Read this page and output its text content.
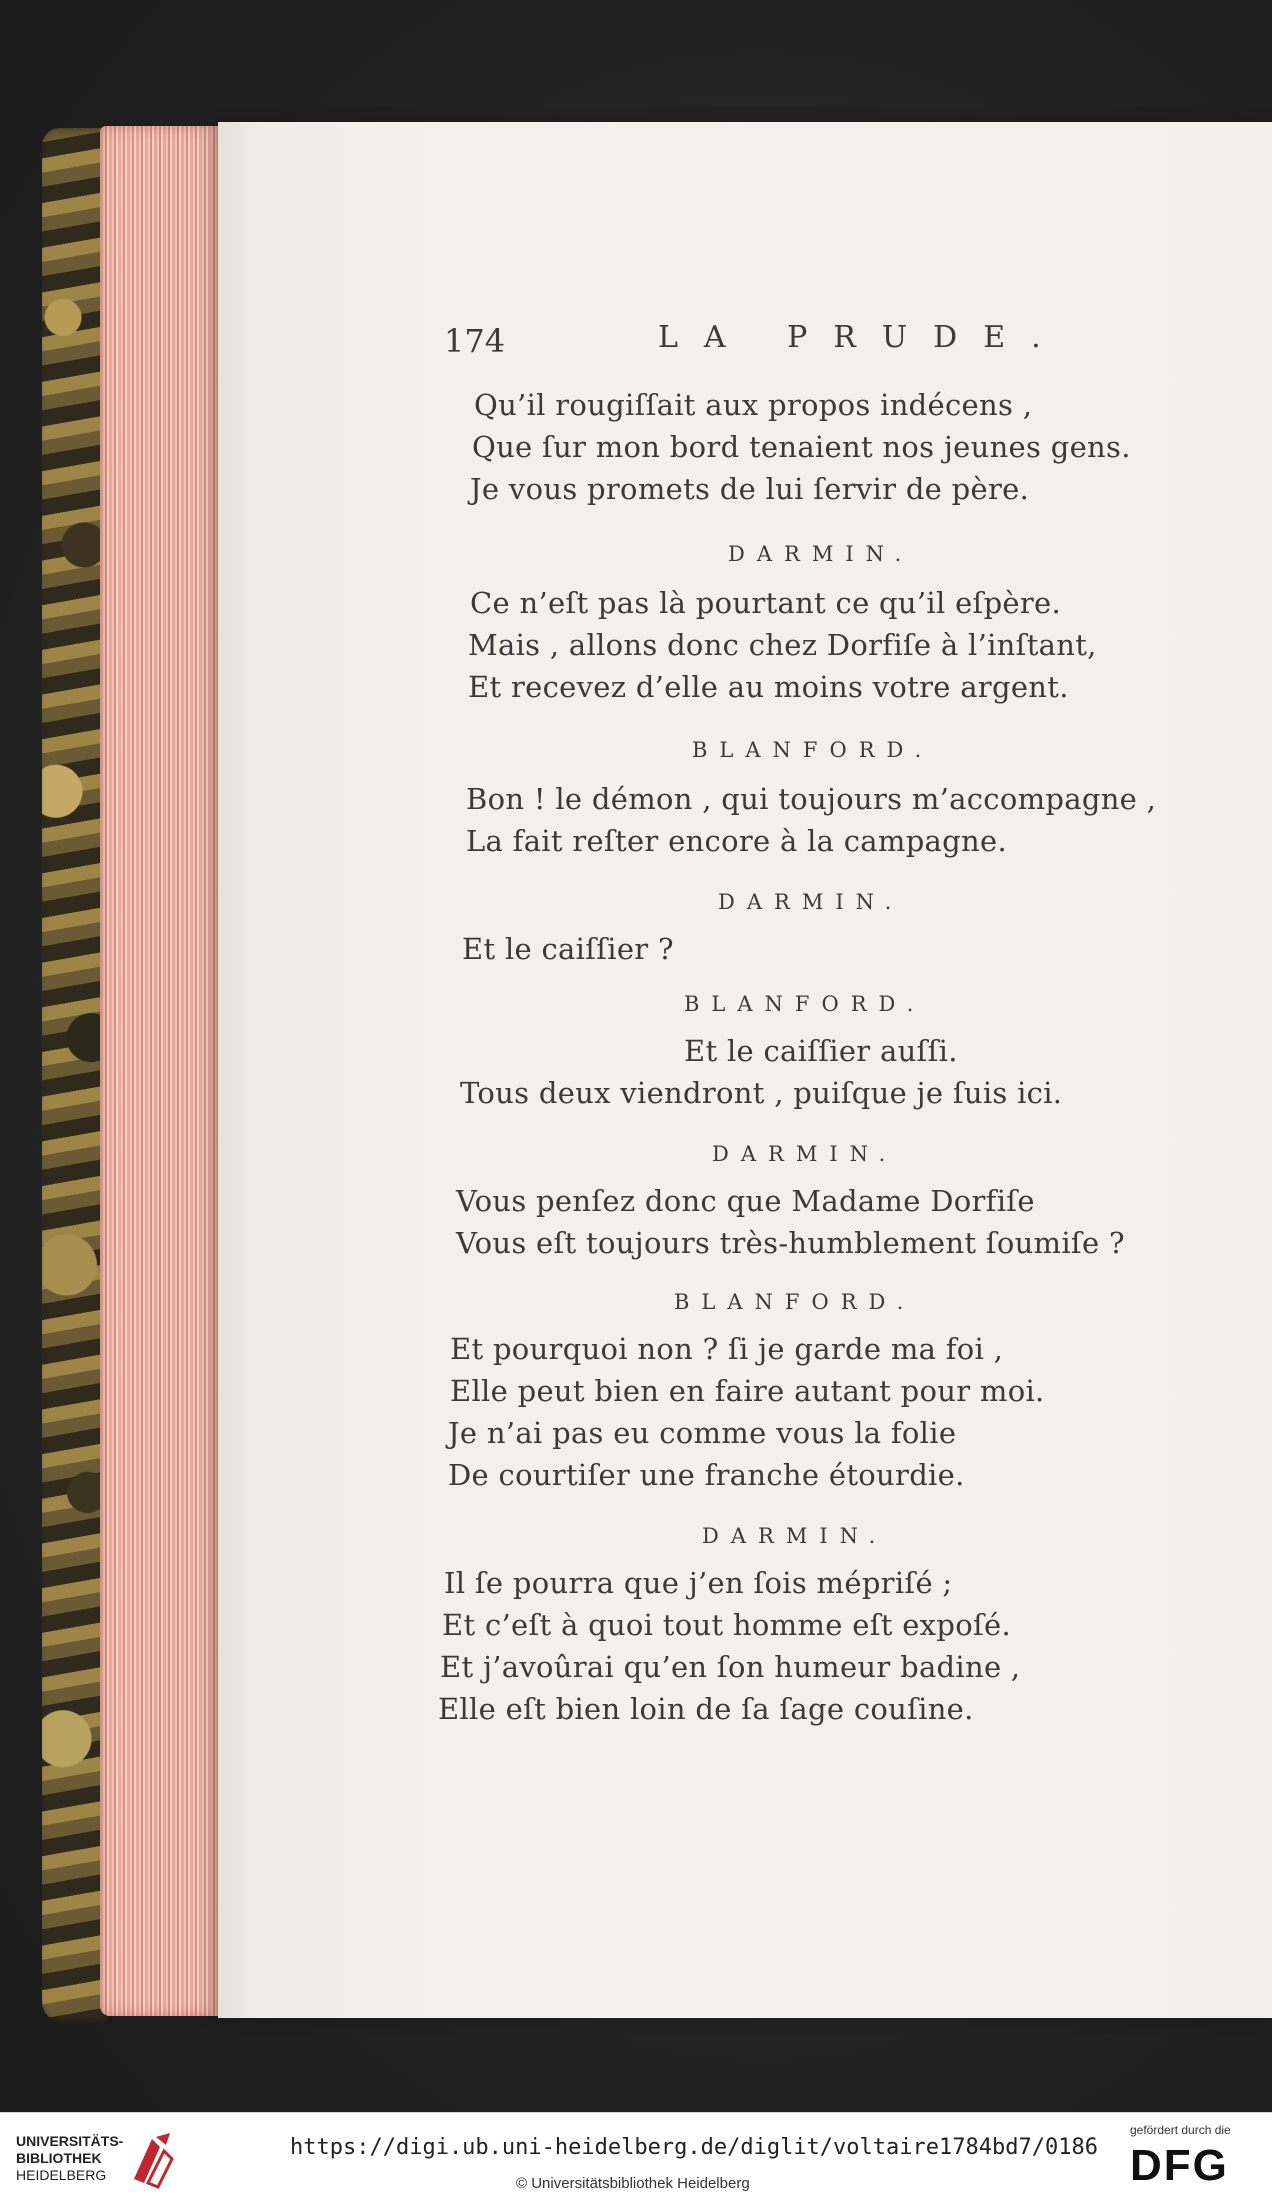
174	LA PRUDE.
Qu’il rougiſſait aux propos indécens ,
Que ſur mon bord tenaient nos jeunes gens.
Je vous promets de lui ſervir de père.
DARMIN.
Ce n’eſt pas là pourtant ce qu’il eſpère.
Mais , allons donc chez Dorfiſe à l’inſtant,
Et recevez d’elle au moins votre argent.
BLANFORD.
Bon ! le démon , qui toujours m’accompagne ,
La fait reſter encore à la campagne.
DARMIN.
Et le caiſſier ?
BLANFORD.
Et le caiſſier auſſi.
Tous deux viendront , puiſque je ſuis ici.
DARMIN.
Vous penſez donc que Madame Dorfiſe
Vous eſt toujours très-humblement ſoumiſe ?
BLANFORD.
Et pourquoi non ? ſi je garde ma foi ,
Elle peut bien en faire autant pour moi.
Je n’ai pas eu comme vous la folie
De courtiſer une franche étourdie.
DARMIN.
Il ſe pourra que j’en ſois mépriſé ;
Et c’eſt à quoi tout homme eſt expoſé.
Et j’avoûrai qu’en ſon humeur badine ,
Elle eſt bien loin de ſa ſage couſine.
UNIVERSITÄTS-
BIBLIOTHEK
HEIDELBERG
https://digi.ub.uni-heidelberg.de/diglit/voltaire1784bd7/0186
© Universitätsbibliothek Heidelberg
gefördert durch die
DFG
